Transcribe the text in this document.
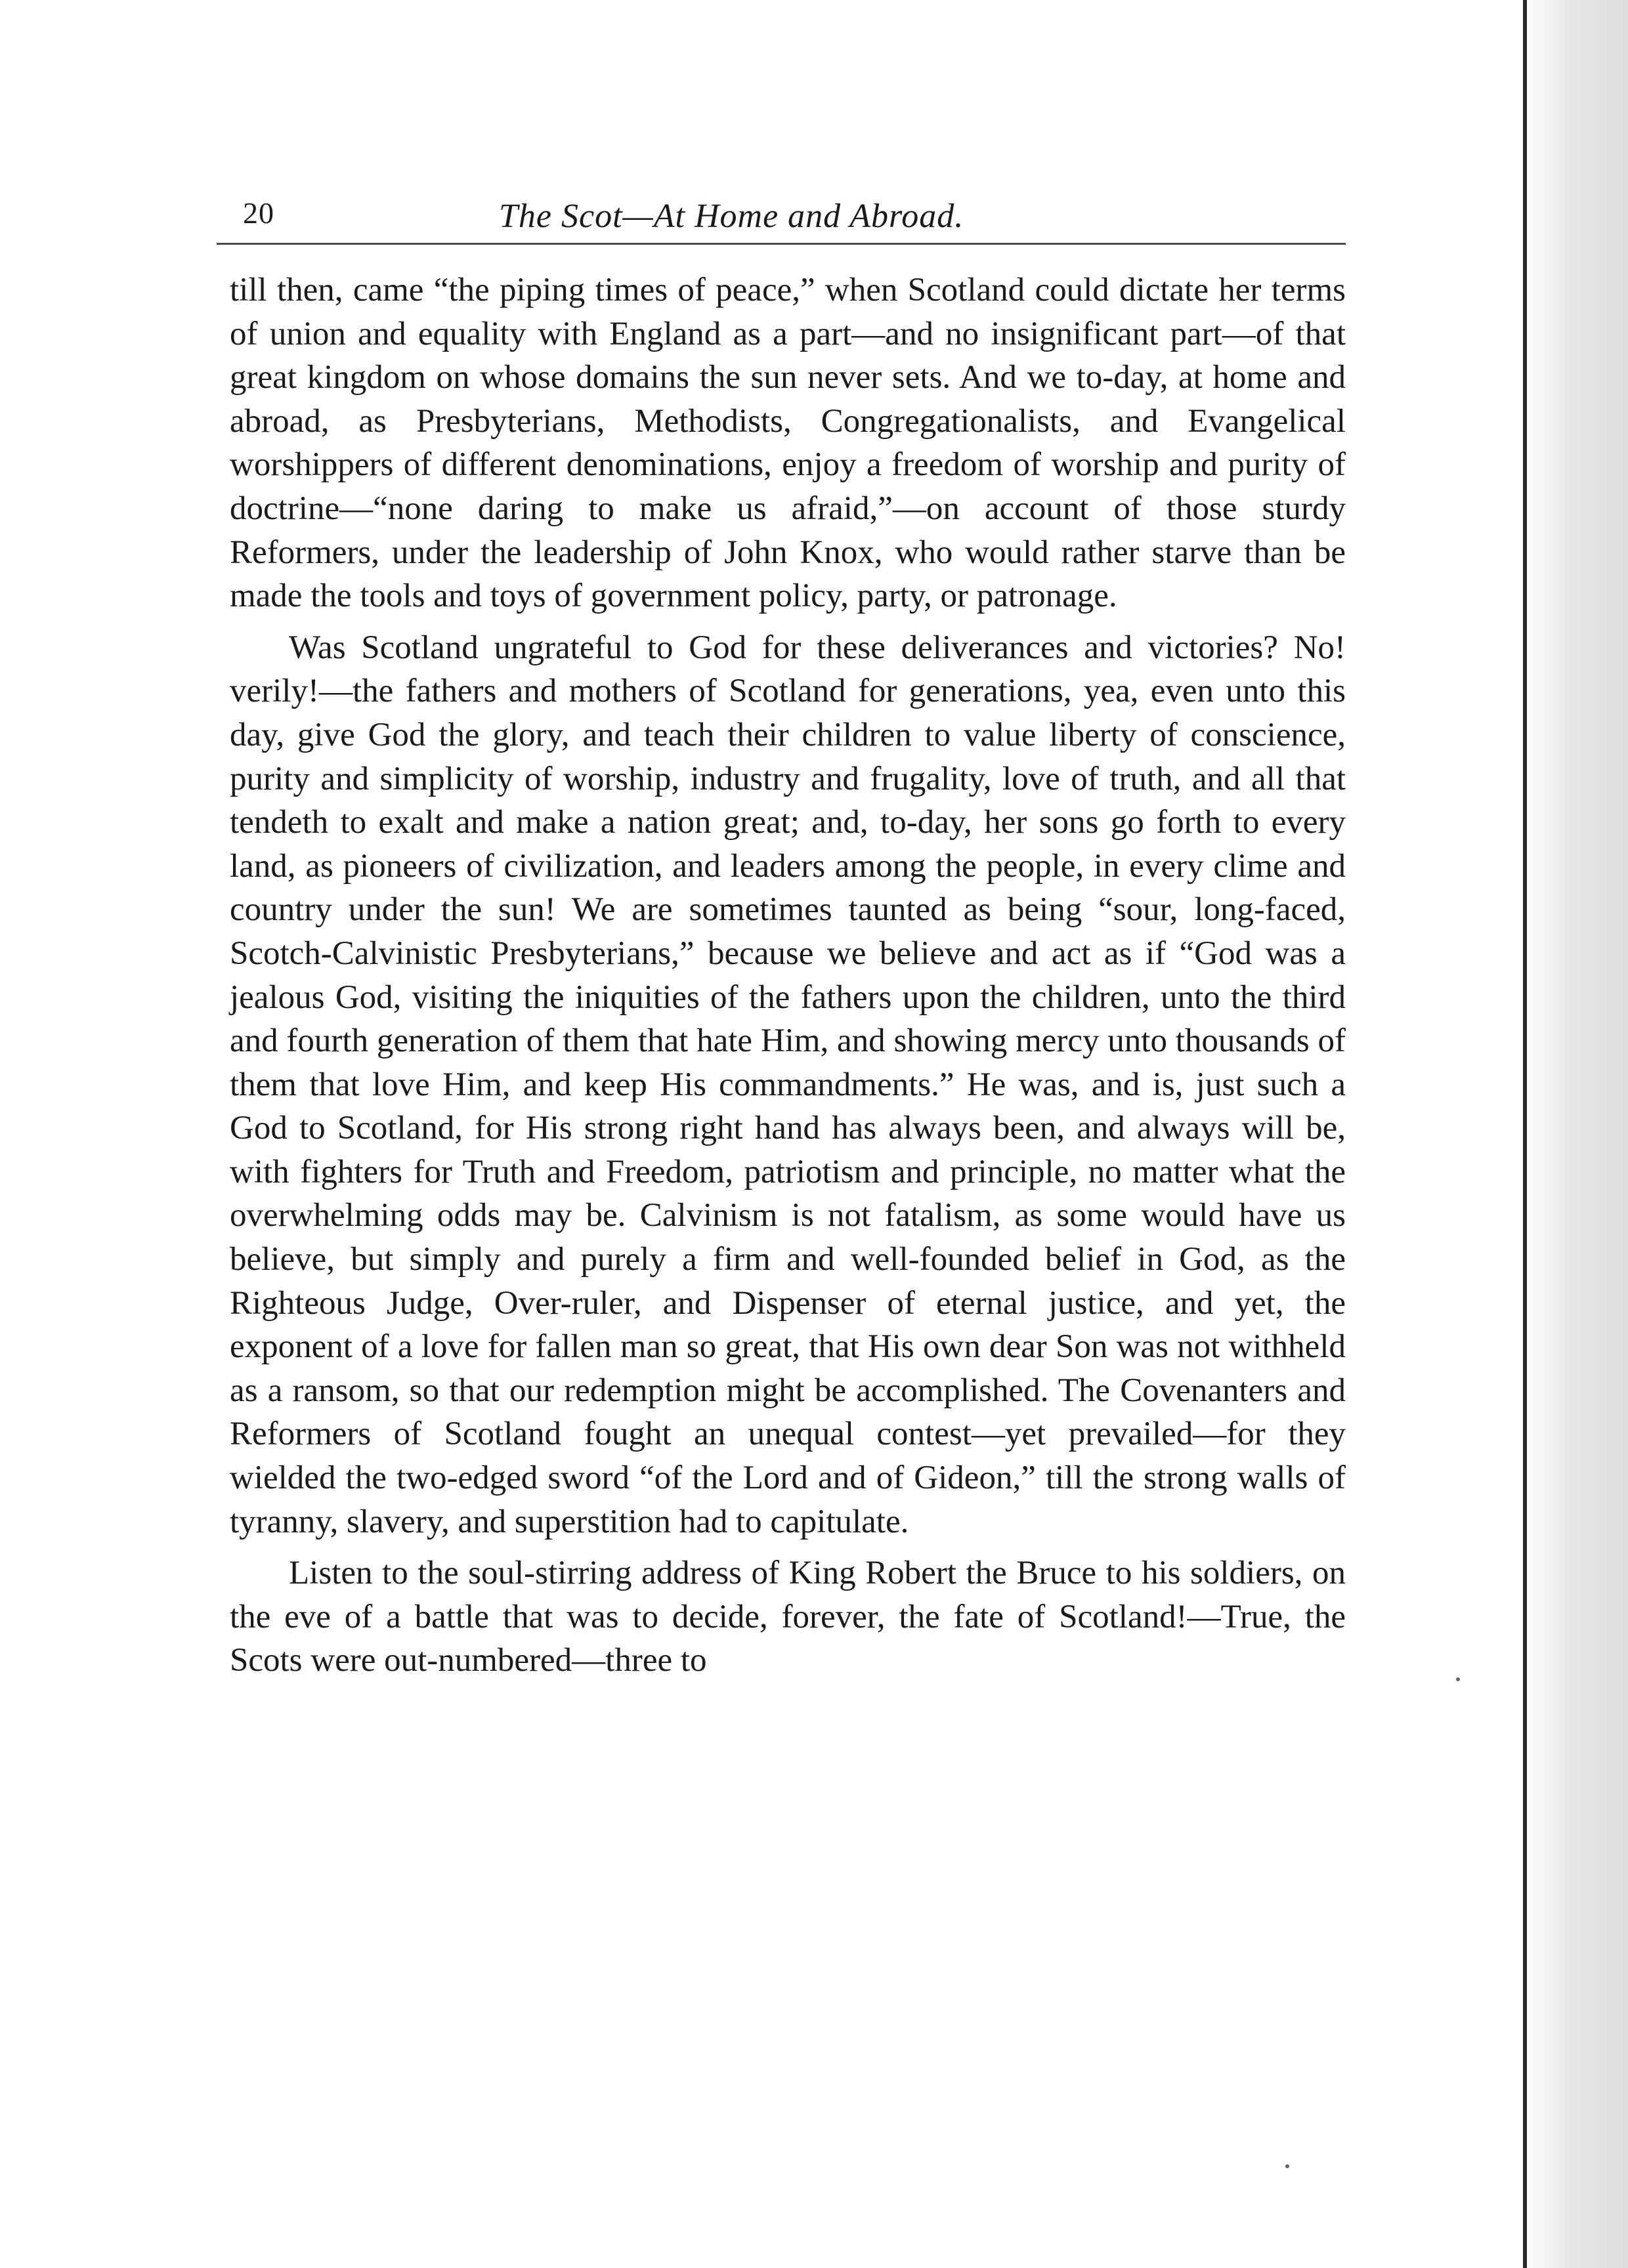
20	The Scot—At Home and Abroad.

till then, came “the piping times of peace,” when Scotland could dictate her terms of union and equality with England as a part—and no insignificant part—of that great kingdom on whose domains the sun never sets. And we to-day, at home and abroad, as Presbyterians, Methodists, Congregationalists, and Evangelical worshippers of different denominations, enjoy a freedom of worship and purity of doctrine—“none daring to make us afraid,”—on account of those sturdy Reformers, under the leadership of John Knox, who would rather starve than be made the tools and toys of government policy, party, or patronage.

Was Scotland ungrateful to God for these deliverances and victories? No! verily!—the fathers and mothers of Scotland for generations, yea, even unto this day, give God the glory, and teach their children to value liberty of conscience, purity and simplicity of worship, industry and frugality, love of truth, and all that tendeth to exalt and make a nation great; and, to-day, her sons go forth to every land, as pioneers of civilization, and leaders among the people, in every clime and country under the sun! We are sometimes taunted as being “sour, long-faced, Scotch-Calvinistic Presbyterians,” because we believe and act as if “God was a jealous God, visiting the iniquities of the fathers upon the children, unto the third and fourth generation of them that hate Him, and showing mercy unto thousands of them that love Him, and keep His commandments.” He was, and is, just such a God to Scotland, for His strong right hand has always been, and always will be, with fighters for Truth and Freedom, patriotism and principle, no matter what the overwhelming odds may be. Calvinism is not fatalism, as some would have us believe, but simply and purely a firm and well-founded belief in God, as the Righteous Judge, Over-ruler, and Dispenser of eternal justice, and yet, the exponent of a love for fallen man so great, that His own dear Son was not withheld as a ransom, so that our redemption might be accomplished. The Covenanters and Reformers of Scotland fought an unequal contest—yet prevailed—for they wielded the two-edged sword “of the Lord and of Gideon,” till the strong walls of tyranny, slavery, and superstition had to capitulate.

Listen to the soul-stirring address of King Robert the Bruce to his soldiers, on the eve of a battle that was to decide, forever, the fate of Scotland!—True, the Scots were out-numbered—three to
